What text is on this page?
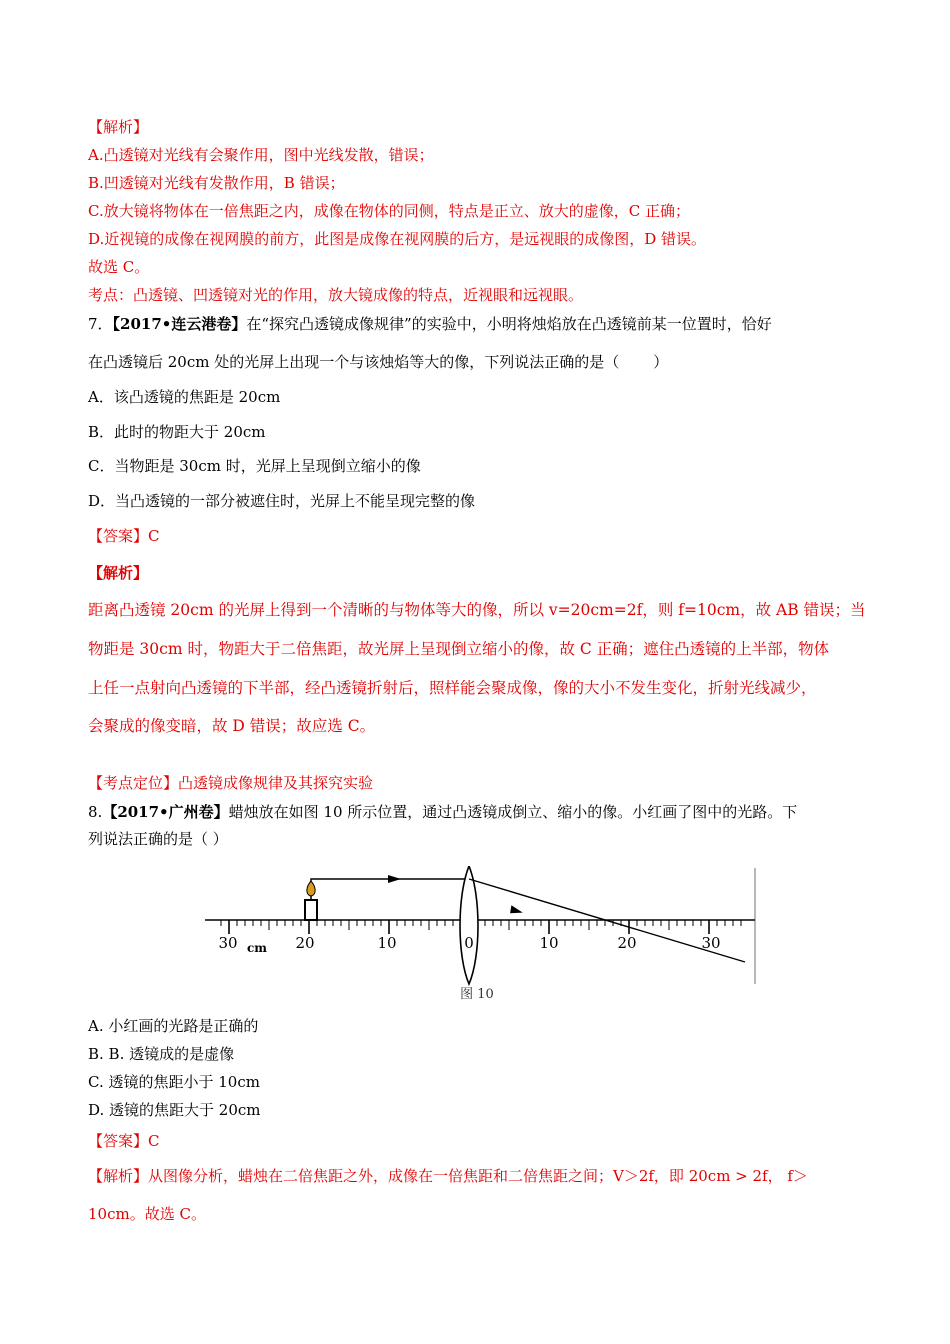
【解析】
A.凸透镜对光线有会聚作用，图中光线发散，错误；
B.凹透镜对光线有发散作用，B 错误；
C.放大镜将物体在一倍焦距之内，成像在物体的同侧，特点是正立、放大的虚像，C 正确；
D.近视镜的成像在视网膜的前方，此图是成像在视网膜的后方，是远视眼的成像图，D 错误。
故选 C。
考点：凸透镜、凹透镜对光的作用，放大镜成像的特点，近视眼和远视眼。
7．【2017•连云港卷】在“探究凸透镜成像规律”的实验中，小明将烛焰放在凸透镜前某一位置时，恰好
在凸透镜后 20cm 处的光屏上出现一个与该烛焰等大的像，下列说法正确的是（ ）
A．该凸透镜的焦距是 20cm
B．此时的物距大于 20cm
C．当物距是 30cm 时，光屏上呈现倒立缩小的像
D．当凸透镜的一部分被遮住时，光屏上不能呈现完整的像
【答案】C
【解析】
距离凸透镜 20cm 的光屏上得到一个清晰的与物体等大的像，所以 v=20cm=2f，则 f=10cm，故 AB 错误；当
物距是 30cm 时，物距大于二倍焦距，故光屏上呈现倒立缩小的像，故 C 正确；遮住凸透镜的上半部，物体
上任一点射向凸透镜的下半部，经凸透镜折射后，照样能会聚成像，像的大小不发生变化，折射光线减少，
会聚成的像变暗，故 D 错误；故应选 C。
【考点定位】凸透镜成像规律及其探究实验
8.【2017•广州卷】蜡烛放在如图 10 所示位置，通过凸透镜成倒立、缩小的像。小红画了图中的光路。下
列说法正确的是（ ）
30 cm 20	10	0	10	20	30
图 10
A. 小红画的光路是正确的
B. B. 透镜成的是虚像
C. 透镜的焦距小于 10cm
D. 透镜的焦距大于 20cm
【答案】C
【解析】从图像分析，蜡烛在二倍焦距之外，成像在一倍焦距和二倍焦距之间；V＞2f，即 20cm > 2f， f＞
10cm。故选 C。
